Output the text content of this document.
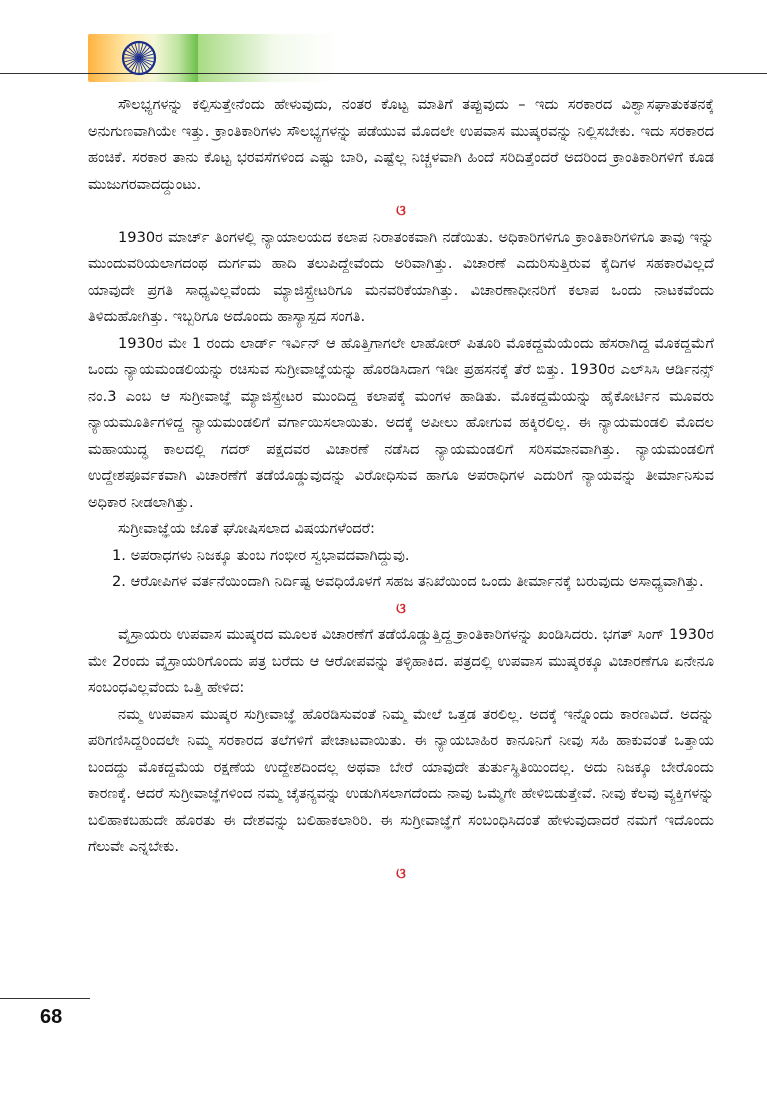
ಸೌಲಭ್ಯಗಳನ್ನು ಕಲ್ಪಿಸುತ್ತೇನೆಂದು ಹೇಳುವುದು, ನಂತರ ಕೊಟ್ಟ ಮಾತಿಗೆ ತಪ್ಪುವುದು – ಇದು ಸರಕಾರದ ವಿಶ್ವಾಸಘಾತುಕತನಕ್ಕೆ ಅನುಗುಣವಾಗಿಯೇ ಇತ್ತು. ಕ್ರಾಂತಿಕಾರಿಗಳು ಸೌಲಭ್ಯಗಳನ್ನು ಪಡೆಯುವ ಮೊದಲೇ ಉಪವಾಸ ಮುಷ್ಕರವನ್ನು ನಿಲ್ಲಿಸಬೇಕು. ಇದು ಸರಕಾರದ ಹಂಚಿಕೆ. ಸರಕಾರ ತಾನು ಕೊಟ್ಟ ಭರವಸೆಗಳಿಂದ ಎಷ್ಟು ಬಾರಿ, ಎಷ್ಟೆಲ್ಲ ನಿಚ್ಚಳವಾಗಿ ಹಿಂದೆ ಸರಿದಿತ್ತೆಂದರೆ ಅದರಿಂದ ಕ್ರಾಂತಿಕಾರಿಗಳಿಗೆ ಕೂಡ ಮುಜುಗರವಾದದ್ದುಂಟು.

ଓ

1930ರ ಮಾರ್ಚ್ ತಿಂಗಳಲ್ಲಿ ನ್ಯಾಯಾಲಯದ ಕಲಾಪ ನಿರಾತಂಕವಾಗಿ ನಡೆಯಿತು. ಅಧಿಕಾರಿಗಳಿಗೂ ಕ್ರಾಂತಿಕಾರಿಗಳಿಗೂ ತಾವು ಇನ್ನು ಮುಂದುವರಿಯಲಾಗದಂಥ ದುರ್ಗಮ ಹಾದಿ ತಲುಪಿದ್ದೇವೆಂದು ಅರಿವಾಗಿತ್ತು. ವಿಚಾರಣೆ ಎದುರಿಸುತ್ತಿರುವ ಕೈದಿಗಳ ಸಹಕಾರವಿಲ್ಲದೆ ಯಾವುದೇ ಪ್ರಗತಿ ಸಾಧ್ಯವಿಲ್ಲವೆಂದು ಮ್ಯಾಜಿಸ್ಟ್ರೇಟರಿಗೂ ಮನವರಿಕೆಯಾಗಿತ್ತು. ವಿಚಾರಣಾಧೀನರಿಗೆ ಕಲಾಪ ಒಂದು ನಾಟಕವೆಂದು ತಿಳಿದುಹೋಗಿತ್ತು. ಇಬ್ಬರಿಗೂ ಅದೊಂದು ಹಾಸ್ಯಾಸ್ಪದ ಸಂಗತಿ.

1930ರ ಮೇ 1 ರಂದು ಲಾರ್ಡ್ ಇರ್ವಿನ್ ಆ ಹೊತ್ತಿಗಾಗಲೇ ಲಾಹೋರ್ ಪಿತೂರಿ ಮೊಕದ್ದಮೆಯೆಂದು ಹೆಸರಾಗಿದ್ದ ಮೊಕದ್ದಮೆಗೆ ಒಂದು ನ್ಯಾಯಮಂಡಲಿಯನ್ನು ರಚಿಸುವ ಸುಗ್ರೀವಾಜ್ಞೆಯನ್ನು ಹೊರಡಿಸಿದಾಗ ಇಡೀ ಪ್ರಹಸನಕ್ಕೆ ತೆರೆ ಬಿತ್ತು. 1930ರ ಎಲ್‌ಸಿಸಿ ಆರ್ಡಿನನ್ಸ್ ನಂ.3 ಎಂಬ ಆ ಸುಗ್ರೀವಾಜ್ಞೆ ಮ್ಯಾಜಿಸ್ಟ್ರೇಟರ ಮುಂದಿದ್ದ ಕಲಾಪಕ್ಕೆ ಮಂಗಳ ಹಾಡಿತು. ಮೊಕದ್ದಮೆಯನ್ನು ಹೈಕೋರ್ಟಿನ ಮೂವರು ನ್ಯಾಯಮೂರ್ತಿಗಳಿದ್ದ ನ್ಯಾಯಮಂಡಲಿಗೆ ವರ್ಗಾಯಿಸಲಾಯಿತು. ಅದಕ್ಕೆ ಅಪೀಲು ಹೋಗುವ ಹಕ್ಕಿರಲಿಲ್ಲ. ಈ ನ್ಯಾಯಮಂಡಲಿ ಮೊದಲ ಮಹಾಯುದ್ಧ ಕಾಲದಲ್ಲಿ ಗದರ್ ಪಕ್ಷದವರ ವಿಚಾರಣೆ ನಡೆಸಿದ ನ್ಯಾಯಮಂಡಲಿಗೆ ಸರಿಸಮಾನವಾಗಿತ್ತು. ನ್ಯಾಯಮಂಡಲಿಗೆ ಉದ್ದೇಶಪೂರ್ವಕವಾಗಿ ವಿಚಾರಣೆಗೆ ತಡೆಯೊಡ್ಡುವುದನ್ನು ವಿರೋಧಿಸುವ ಹಾಗೂ ಅಪರಾಧಿಗಳ ಎದುರಿಗೆ ನ್ಯಾಯವನ್ನು ತೀರ್ಮಾನಿಸುವ ಅಧಿಕಾರ ನೀಡಲಾಗಿತ್ತು.

ಸುಗ್ರೀವಾಜ್ಞೆಯ ಜೊತೆ ಘೋಷಿಸಲಾದ ವಿಷಯಗಳೆಂದರೆ:

1. ಅಪರಾಧಗಳು ನಿಜಕ್ಕೂ ತುಂಬ ಗಂಭೀರ ಸ್ವಭಾವದವಾಗಿದ್ದುವು.

2. ಆರೋಪಿಗಳ ವರ್ತನೆಯಿಂದಾಗಿ ನಿರ್ದಿಷ್ಟ ಅವಧಿಯೊಳಗೆ ಸಹಜ ತನಿಖೆಯಿಂದ ಒಂದು ತೀರ್ಮಾನಕ್ಕೆ ಬರುವುದು ಅಸಾಧ್ಯವಾಗಿತ್ತು.

ଓ

ವೈಸ್ರಾಯರು ಉಪವಾಸ ಮುಷ್ಕರದ ಮೂಲಕ ವಿಚಾರಣೆಗೆ ತಡೆಯೊಡ್ಡುತ್ತಿದ್ದ ಕ್ರಾಂತಿಕಾರಿಗಳನ್ನು ಖಂಡಿಸಿದರು. ಭಗತ್ ಸಿಂಗ್ 1930ರ ಮೇ 2ರಂದು ವೈಸ್ರಾಯರಿಗೊಂದು ಪತ್ರ ಬರೆದು ಆ ಆರೋಪವನ್ನು ತಳ್ಳಿಹಾಕಿದ. ಪತ್ರದಲ್ಲಿ ಉಪವಾಸ ಮುಷ್ಕರಕ್ಕೂ ವಿಚಾರಣೆಗೂ ಏನೇನೂ ಸಂಬಂಧವಿಲ್ಲವೆಂದು ಒತ್ತಿ ಹೇಳಿದ:

ನಮ್ಮ ಉಪವಾಸ ಮುಷ್ಕರ ಸುಗ್ರೀವಾಜ್ಞೆ ಹೊರಡಿಸುವಂತೆ ನಿಮ್ಮ ಮೇಲೆ ಒತ್ತಡ ತರಲಿಲ್ಲ. ಅದಕ್ಕೆ ಇನ್ನೊಂದು ಕಾರಣವಿದೆ. ಅದನ್ನು ಪರಿಗಣಿಸಿದ್ದರಿಂದಲೇ ನಿಮ್ಮ ಸರಕಾರದ ತಲೆಗಳಿಗೆ ಪೇಚಾಟವಾಯಿತು. ಈ ನ್ಯಾಯಬಾಹಿರ ಕಾನೂನಿಗೆ ನೀವು ಸಹಿ ಹಾಕುವಂತೆ ಒತ್ತಾಯ ಬಂದದ್ದು ಮೊಕದ್ದಮೆಯ ರಕ್ಷಣೆಯ ಉದ್ದೇಶದಿಂದಲ್ಲ ಅಥವಾ ಬೇರೆ ಯಾವುದೇ ತುರ್ತುಸ್ಥಿತಿಯಿಂದಲ್ಲ. ಅದು ನಿಜಕ್ಕೂ ಬೇರೊಂದು ಕಾರಣಕ್ಕೆ. ಆದರೆ ಸುಗ್ರೀವಾಜ್ಞೆಗಳಿಂದ ನಮ್ಮ ಚೈತನ್ಯವನ್ನು ಉಡುಗಿಸಲಾಗದೆಂದು ನಾವು ಒಮ್ಮೆಗೇ ಹೇಳಿಬಿಡುತ್ತೇವೆ. ನೀವು ಕೆಲವು ವ್ಯಕ್ತಿಗಳನ್ನು ಬಲಿಹಾಕಬಹುದೇ ಹೊರತು ಈ ದೇಶವನ್ನು ಬಲಿಹಾಕಲಾರಿರಿ. ಈ ಸುಗ್ರೀವಾಜ್ಞೆಗೆ ಸಂಬಂಧಿಸಿದಂತೆ ಹೇಳುವುದಾದರೆ ನಮಗೆ ಇದೊಂದು ಗೆಲುವೇ ಎನ್ನಬೇಕು.

ଓ

68
